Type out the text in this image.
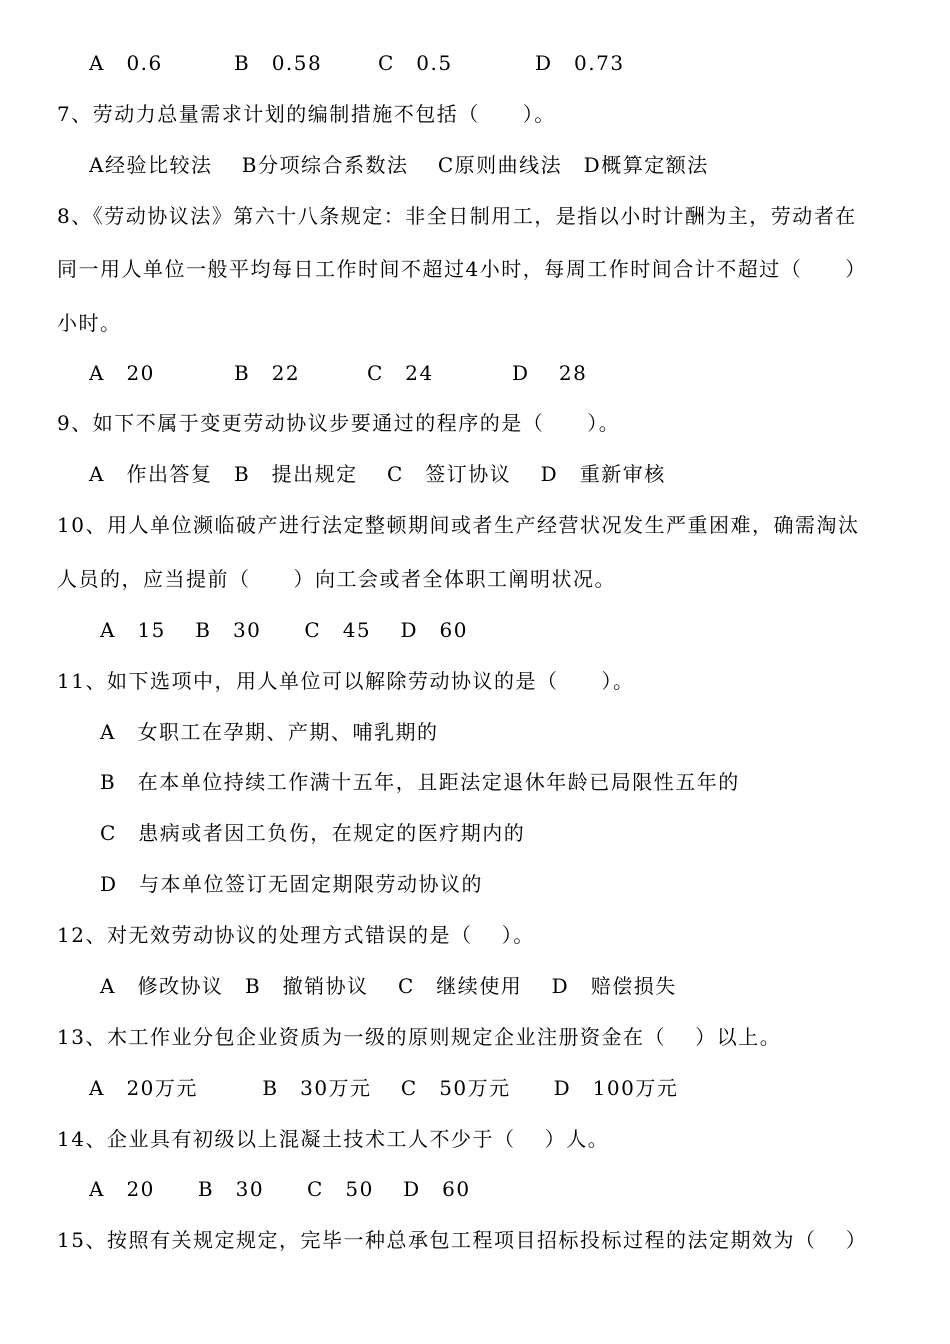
A　0.6	B　0.58	C　0.5	D　0.73
7、劳动力总量需求计划的编制措施不包括（　　）。
A经验比较法　 B分项综合系数法　 C原则曲线法　D概算定额法
8、《劳动协议法》第六十八条规定：非全日制用工，是指以小时计酬为主，劳动者在
同一用人单位一般平均每日工作时间不超过4小时，每周工作时间合计不超过（　　）
小时。
A　20	B　22	C　24	D　 28
9、如下不属于变更劳动协议步要通过的程序的是（　　）。
A　作出答复　B　提出规定　 C　签订协议　 D　重新审核
10、用人单位濒临破产进行法定整顿期间或者生产经营状况发生严重困难，确需淘汰
人员的，应当提前（　　）向工会或者全体职工阐明状况。
A　15　 B　30　　C　45　 D　60
11、如下选项中，用人单位可以解除劳动协议的是（　　）。
A　女职工在孕期、产期、哺乳期的
B　在本单位持续工作满十五年，且距法定退休年龄已局限性五年的
C　患病或者因工负伤，在规定的医疗期内的
D　与本单位签订无固定期限劳动协议的
12、对无效劳动协议的处理方式错误的是（　 ）。
A　修改协议　B　撤销协议　 C　继续使用　 D　赔偿损失
13、木工作业分包企业资质为一级的原则规定企业注册资金在（　 ）以上。
A　20万元　　　B　30万元　 C　50万元　　D　100万元
14、企业具有初级以上混凝土技术工人不少于（　 ）人。
A　20　　B　30　　C　50　 D　60
15、按照有关规定规定，完毕一种总承包工程项目招标投标过程的法定期效为（　 ）
